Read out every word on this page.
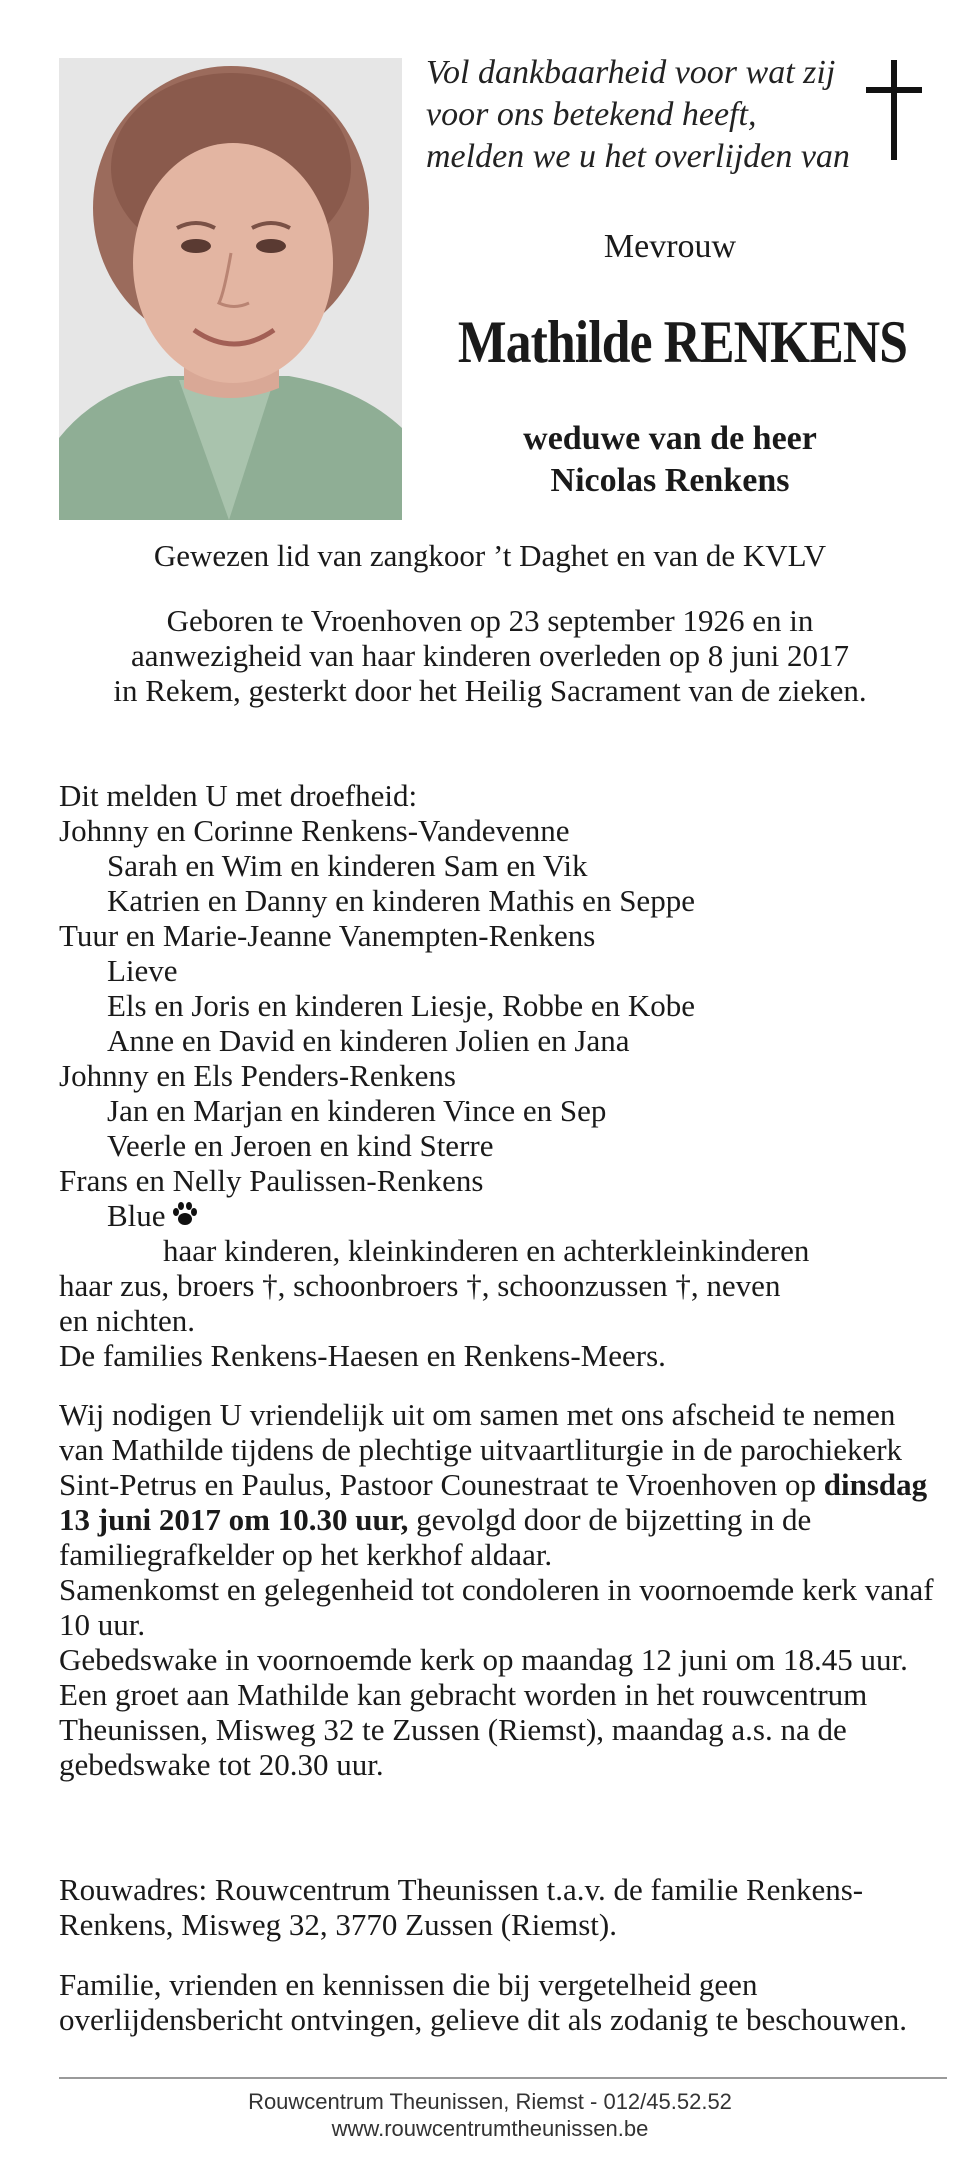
Vol dankbaarheid voor wat zij
voor ons betekend heeft,
melden we u het overlijden van
Mevrouw
Mathilde RENKENS
weduwe van de heer
Nicolas Renkens
Gewezen lid van zangkoor ’t Daghet en van de KVLV
Geboren te Vroenhoven op 23 september 1926 en in
aanwezigheid van haar kinderen overleden op 8 juni 2017
in Rekem, gesterkt door het Heilig Sacrament van de zieken.
Dit melden U met droefheid:
Johnny en Corinne Renkens-Vandevenne
Sarah en Wim en kinderen Sam en Vik
Katrien en Danny en kinderen Mathis en Seppe
Tuur en Marie-Jeanne Vanempten-Renkens
Lieve
Els en Joris en kinderen Liesje, Robbe en Kobe
Anne en David en kinderen Jolien en Jana
Johnny en Els Penders-Renkens
Jan en Marjan en kinderen Vince en Sep
Veerle en Jeroen en kind Sterre
Frans en Nelly Paulissen-Renkens
Blue
haar kinderen, kleinkinderen en achterkleinkinderen
haar zus, broers †, schoonbroers †, schoonzussen †, neven
en nichten.
De families Renkens-Haesen en Renkens-Meers.
Wij nodigen U vriendelijk uit om samen met ons afscheid te nemen van Mathilde tijdens de plechtige uitvaartliturgie in de parochiekerk Sint-Petrus en Paulus, Pastoor Counestraat te Vroenhoven op dinsdag 13 juni 2017 om 10.30 uur, gevolgd door de bijzetting in de familiegrafkelder op het kerkhof aldaar.
Samenkomst en gelegenheid tot condoleren in voornoemde kerk vanaf 10 uur.
Gebedswake in voornoemde kerk op maandag 12 juni om 18.45 uur.
Een groet aan Mathilde kan gebracht worden in het rouwcentrum Theunissen, Misweg 32 te Zussen (Riemst), maandag a.s. na de gebedswake tot 20.30 uur.
Rouwadres: Rouwcentrum Theunissen t.a.v. de familie Renkens-Renkens, Misweg 32, 3770 Zussen (Riemst).
Familie, vrienden en kennissen die bij vergetelheid geen overlijdensbericht ontvingen, gelieve dit als zodanig te beschouwen.
Rouwcentrum Theunissen, Riemst - 012/45.52.52
www.rouwcentrumtheunissen.be
